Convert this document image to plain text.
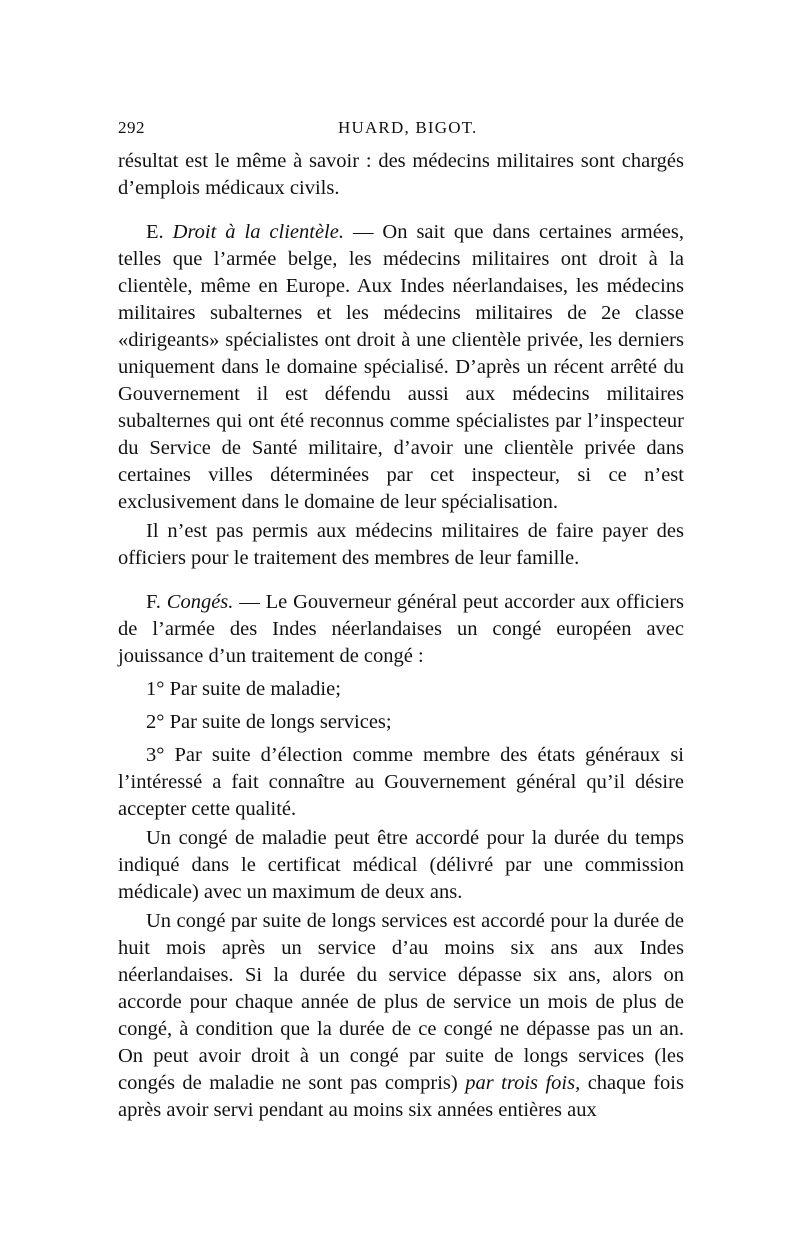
292	HUARD, BIGOT.

résultat est le même à savoir : des médecins militaires sont chargés d’emplois médicaux civils.

E. Droit à la clientèle. — On sait que dans certaines armées, telles que l’armée belge, les médecins militaires ont droit à la clientèle, même en Europe. Aux Indes néerlandaises, les médecins militaires subalternes et les médecins militaires de 2e classe «dirigeants» spécialistes ont droit à une clientèle privée, les derniers uniquement dans le domaine spécialisé. D’après un récent arrêté du Gouvernement il est défendu aussi aux médecins militaires subalternes qui ont été reconnus comme spécialistes par l’inspecteur du Service de Santé militaire, d’avoir une clientèle privée dans certaines villes déterminées par cet inspecteur, si ce n’est exclusivement dans le domaine de leur spécialisation.

Il n’est pas permis aux médecins militaires de faire payer des officiers pour le traitement des membres de leur famille.

F. Congés. — Le Gouverneur général peut accorder aux officiers de l’armée des Indes néerlandaises un congé européen avec jouissance d’un traitement de congé :

1° Par suite de maladie;

2° Par suite de longs services;

3° Par suite d’élection comme membre des états généraux si l’intéressé a fait connaître au Gouvernement général qu’il désire accepter cette qualité.

Un congé de maladie peut être accordé pour la durée du temps indiqué dans le certificat médical (délivré par une commission médicale) avec un maximum de deux ans.

Un congé par suite de longs services est accordé pour la durée de huit mois après un service d’au moins six ans aux Indes néerlandaises. Si la durée du service dépasse six ans, alors on accorde pour chaque année de plus de service un mois de plus de congé, à condition que la durée de ce congé ne dépasse pas un an. On peut avoir droit à un congé par suite de longs services (les congés de maladie ne sont pas compris) par trois fois, chaque fois après avoir servi pendant au moins six années entières aux
